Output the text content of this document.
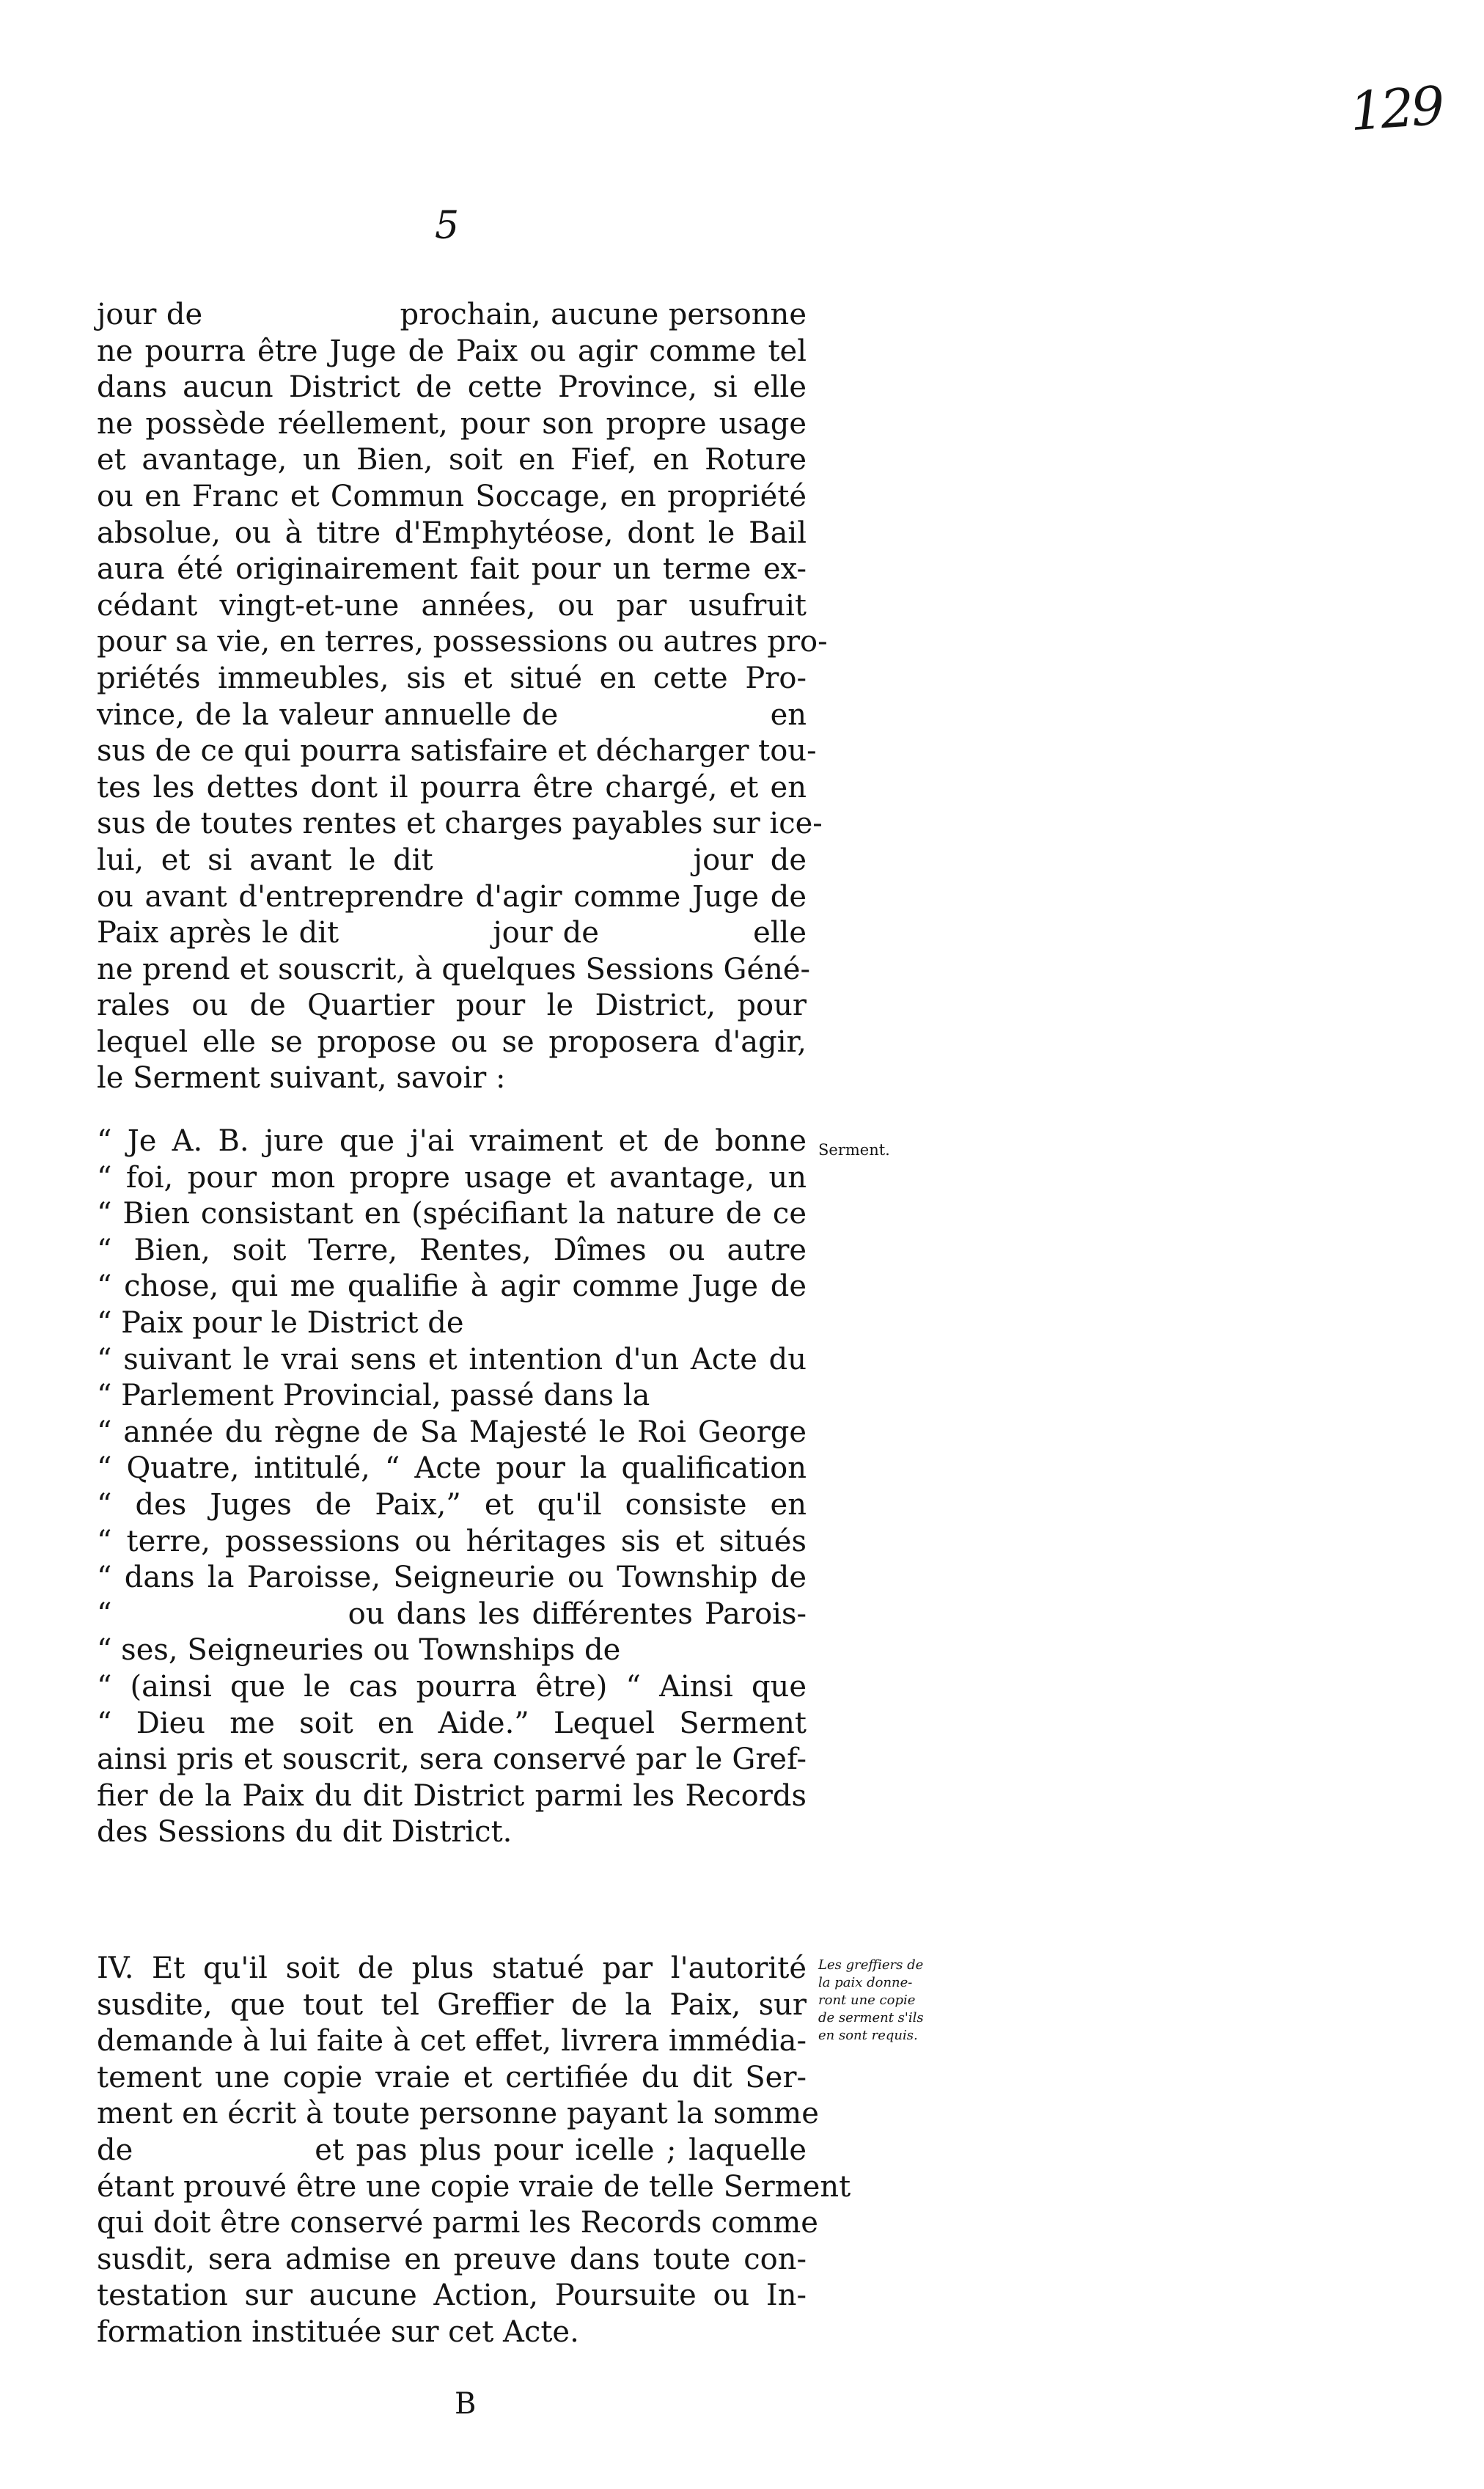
129
5
jour de                    prochain, aucune personne
ne pourra être Juge de Paix ou agir comme tel
dans aucun District de cette Province, si elle
ne possède réellement, pour son propre usage
et avantage, un Bien, soit en Fief, en Roture
ou en Franc et Commun Soccage, en propriété
absolue, ou à titre d'Emphytéose, dont le Bail
aura été originairement fait pour un terme ex-
cédant vingt-et-une années, ou par usufruit
pour sa vie, en terres, possessions ou autres pro-
priétés immeubles, sis et situé en cette Pro-
vince, de la valeur annuelle de                    en
sus de ce qui pourra satisfaire et décharger tou-
tes les dettes dont il pourra être chargé, et en
sus de toutes rentes et charges payables sur ice-
lui, et si avant le dit               jour de
ou avant d'entreprendre d'agir comme Juge de
Paix après le dit               jour de               elle
ne prend et souscrit, à quelques Sessions Géné-
rales ou de Quartier pour le District, pour
lequel elle se propose ou se proposera d'agir,
le Serment suivant, savoir :
Serment.
“ Je A. B. jure que j'ai vraiment et de bonne
“ foi, pour mon propre usage et avantage, un
“ Bien consistant en (spécifiant la nature de ce
“ Bien, soit Terre, Rentes, Dîmes ou autre
“ chose, qui me qualifie à agir comme Juge de
“ Paix pour le District de
“ suivant le vrai sens et intention d'un Acte du
“ Parlement Provincial, passé dans la
“ année du règne de Sa Majesté le Roi George
“ Quatre, intitulé, “ Acte pour la qualification
“ des Juges de Paix,” et qu'il consiste en
“ terre, possessions ou héritages sis et situés
“ dans la Paroisse, Seigneurie ou Township de
“                    ou dans les différentes Parois-
“ ses, Seigneuries ou Townships de
“ (ainsi que le cas pourra être) “ Ainsi que
“ Dieu me soit en Aide.” Lequel Serment
ainsi pris et souscrit, sera conservé par le Gref-
fier de la Paix du dit District parmi les Records
des Sessions du dit District.
Les greffiers de
la paix donne-
ront une copie
de serment s'ils
en sont requis.
IV. Et qu'il soit de plus statué par l'autorité
susdite, que tout tel Greffier de la Paix, sur
demande à lui faite à cet effet, livrera immédia-
tement une copie vraie et certifiée du dit Ser-
ment en écrit à toute personne payant la somme
de               et pas plus pour icelle ; laquelle
étant prouvé être une copie vraie de telle Serment
qui doit être conservé parmi les Records comme
susdit, sera admise en preuve dans toute con-
testation sur aucune Action, Poursuite ou In-
formation instituée sur cet Acte.
B
